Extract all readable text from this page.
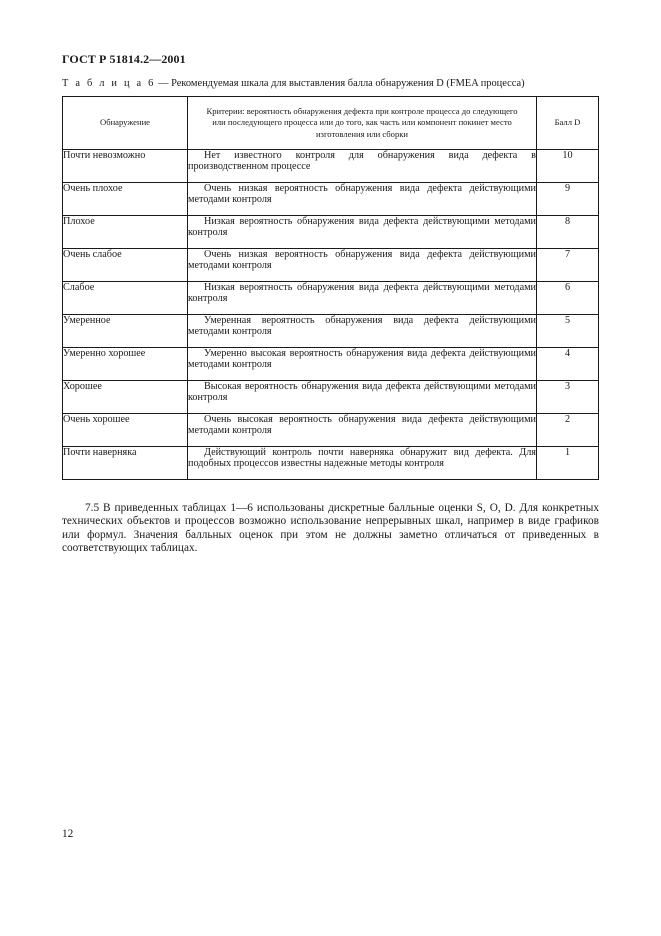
ГОСТ Р 51814.2—2001
Т а б л и ц а 6 — Рекомендуемая шкала для выставления балла обнаружения D (FMEA процесса)
Обнаружение	Критерии: вероятность обнаружения дефекта при контроле процесса до следующего или последующего процесса или до того, как часть или компонент покинет место изготовления или сборки	Балл D
Почти невозможно	Нет известного контроля для обнаружения вида дефекта в производственном процессе	10
Очень плохое	Очень низкая вероятность обнаружения вида дефекта действующими методами контроля	9
Плохое	Низкая вероятность обнаружения вида дефекта действующими методами контроля	8
Очень слабое	Очень низкая вероятность обнаружения вида дефекта действующими методами контроля	7
Слабое	Низкая вероятность обнаружения вида дефекта действующими методами контроля	6
Умеренное	Умеренная вероятность обнаружения вида дефекта действующими методами контроля	5
Умеренно хорошее	Умеренно высокая вероятность обнаружения вида дефекта действующими методами контроля	4
Хорошее	Высокая вероятность обнаружения вида дефекта действующими методами контроля	3
Очень хорошее	Очень высокая вероятность обнаружения вида дефекта действующими методами контроля	2
Почти наверняка	Действующий контроль почти наверняка обнаружит вид дефекта. Для подобных процессов известны надежные методы контроля	1
7.5 В приведенных таблицах 1—6 использованы дискретные балльные оценки S, O, D. Для конкретных технических объектов и процессов возможно использование непрерывных шкал, например в виде графиков или формул. Значения балльных оценок при этом не должны заметно отличаться от приведенных в соответствующих таблицах.
12
